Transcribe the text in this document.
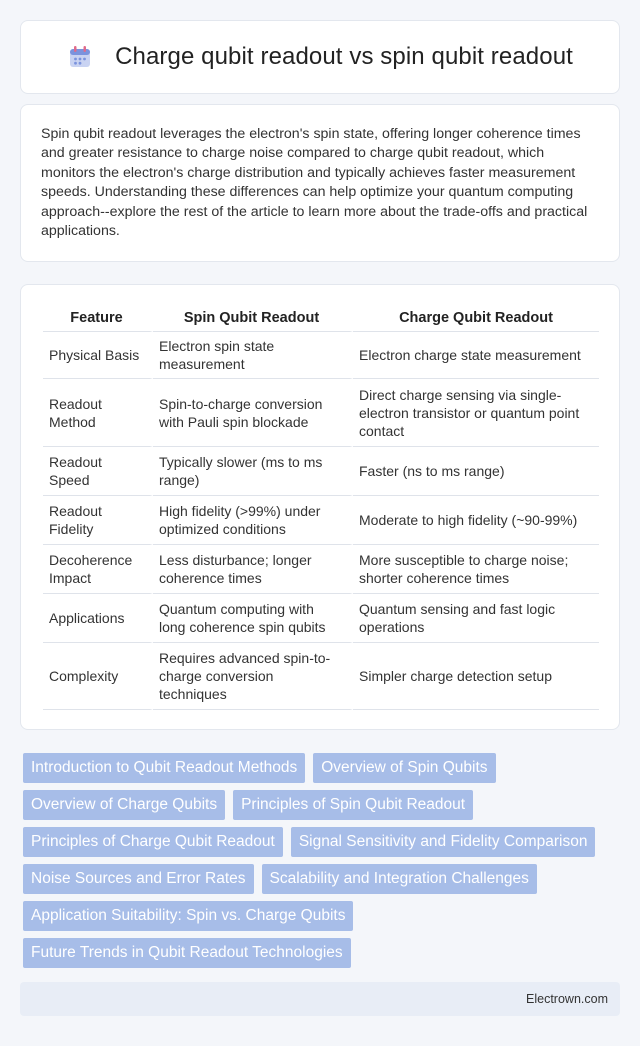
Charge qubit readout vs spin qubit readout

Spin qubit readout leverages the electron's spin state, offering longer coherence times and greater resistance to charge noise compared to charge qubit readout, which monitors the electron's charge distribution and typically achieves faster measurement speeds. Understanding these differences can help optimize your quantum computing approach--explore the rest of the article to learn more about the trade-offs and practical applications.

Feature	Spin Qubit Readout	Charge Qubit Readout
Physical Basis	Electron spin state measurement	Electron charge state measurement
Readout Method	Spin-to-charge conversion with Pauli spin blockade	Direct charge sensing via single-electron transistor or quantum point contact
Readout Speed	Typically slower (ms to ms range)	Faster (ns to ms range)
Readout Fidelity	High fidelity (>99%) under optimized conditions	Moderate to high fidelity (~90-99%)
Decoherence Impact	Less disturbance; longer coherence times	More susceptible to charge noise; shorter coherence times
Applications	Quantum computing with long coherence spin qubits	Quantum sensing and fast logic operations
Complexity	Requires advanced spin-to-charge conversion techniques	Simpler charge detection setup
Introduction to Qubit Readout Methods	Overview of Spin Qubits
Overview of Charge Qubits	Principles of Spin Qubit Readout
Principles of Charge Qubit Readout	Signal Sensitivity and Fidelity Comparison
Noise Sources and Error Rates	Scalability and Integration Challenges
Application Suitability: Spin vs. Charge Qubits
Future Trends in Qubit Readout Technologies
Electrown.com
